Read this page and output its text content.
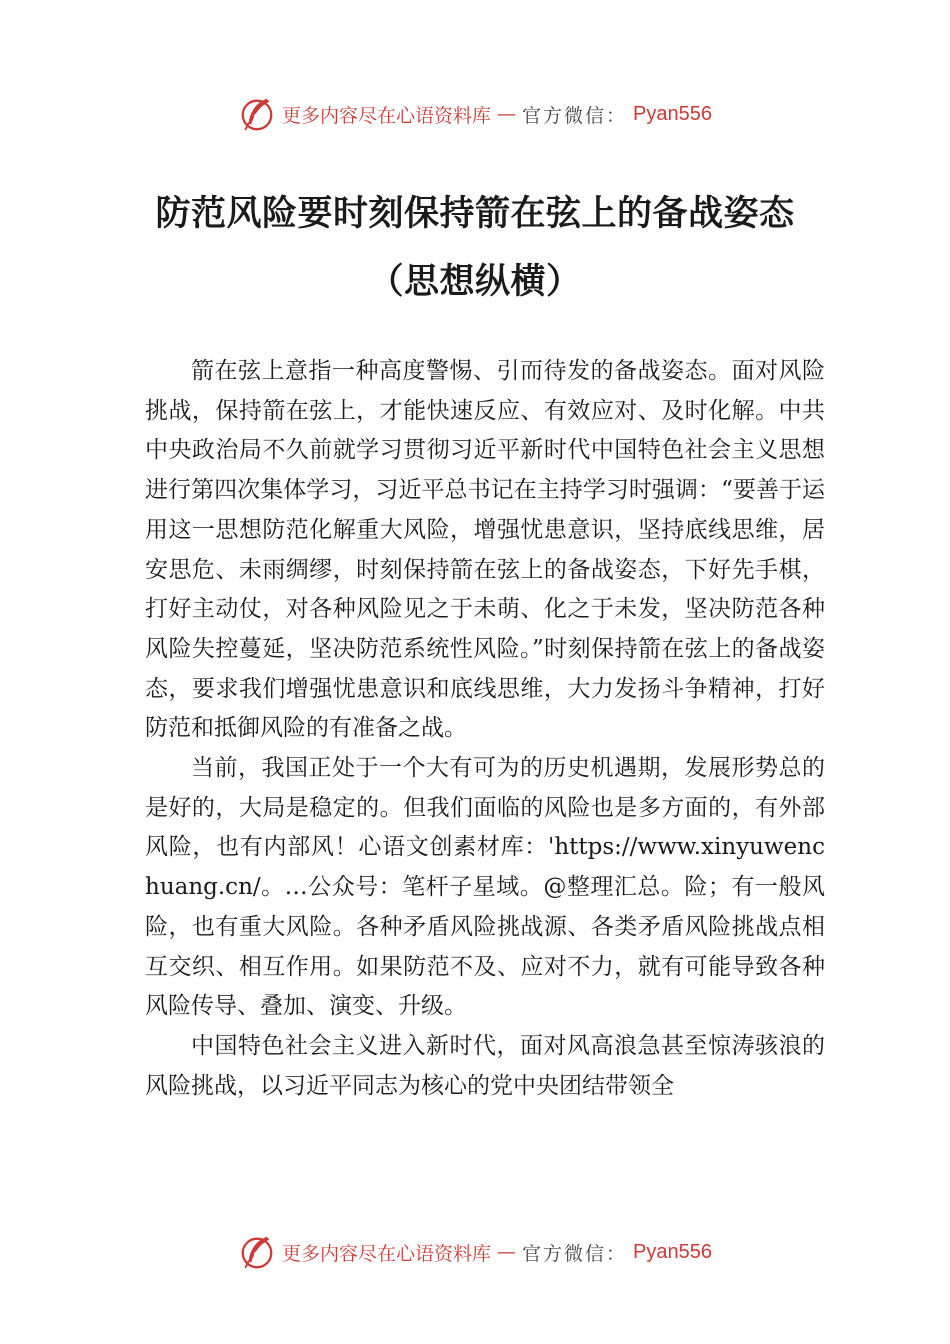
更多内容尽在心语资料库 — 官方微信： Pyan556
防范风险要时刻保持箭在弦上的备战姿态
（思想纵横）

箭在弦上意指一种高度警惕、引而待发的备战姿态。面对风险挑战，保持箭在弦上，才能快速反应、有效应对、及时化解。中共中央政治局不久前就学习贯彻习近平新时代中国特色社会主义思想进行第四次集体学习，习近平总书记在主持学习时强调：“要善于运用这一思想防范化解重大风险，增强忧患意识，坚持底线思维，居安思危、未雨绸缪，时刻保持箭在弦上的备战姿态，下好先手棋，打好主动仗，对各种风险见之于未萌、化之于未发，坚决防范各种风险失控蔓延，坚决防范系统性风险。”时刻保持箭在弦上的备战姿态，要求我们增强忧患意识和底线思维，大力发扬斗争精神，打好防范和抵御风险的有准备之战。

当前，我国正处于一个大有可为的历史机遇期，发展形势总的是好的，大局是稳定的。但我们面临的风险也是多方面的，有外部风险，也有内部风！心语文创素材库：'https://www.xinyuwenchuang.cn/。…公众号：笔杆子星域。@整理汇总。险；有一般风险，也有重大风险。各种矛盾风险挑战源、各类矛盾风险挑战点相互交织、相互作用。如果防范不及、应对不力，就有可能导致各种风险传导、叠加、演变、升级。

中国特色社会主义进入新时代，面对风高浪急甚至惊涛骇浪的风险挑战，以习近平同志为核心的党中央团结带领全

更多内容尽在心语资料库 — 官方微信： Pyan556
